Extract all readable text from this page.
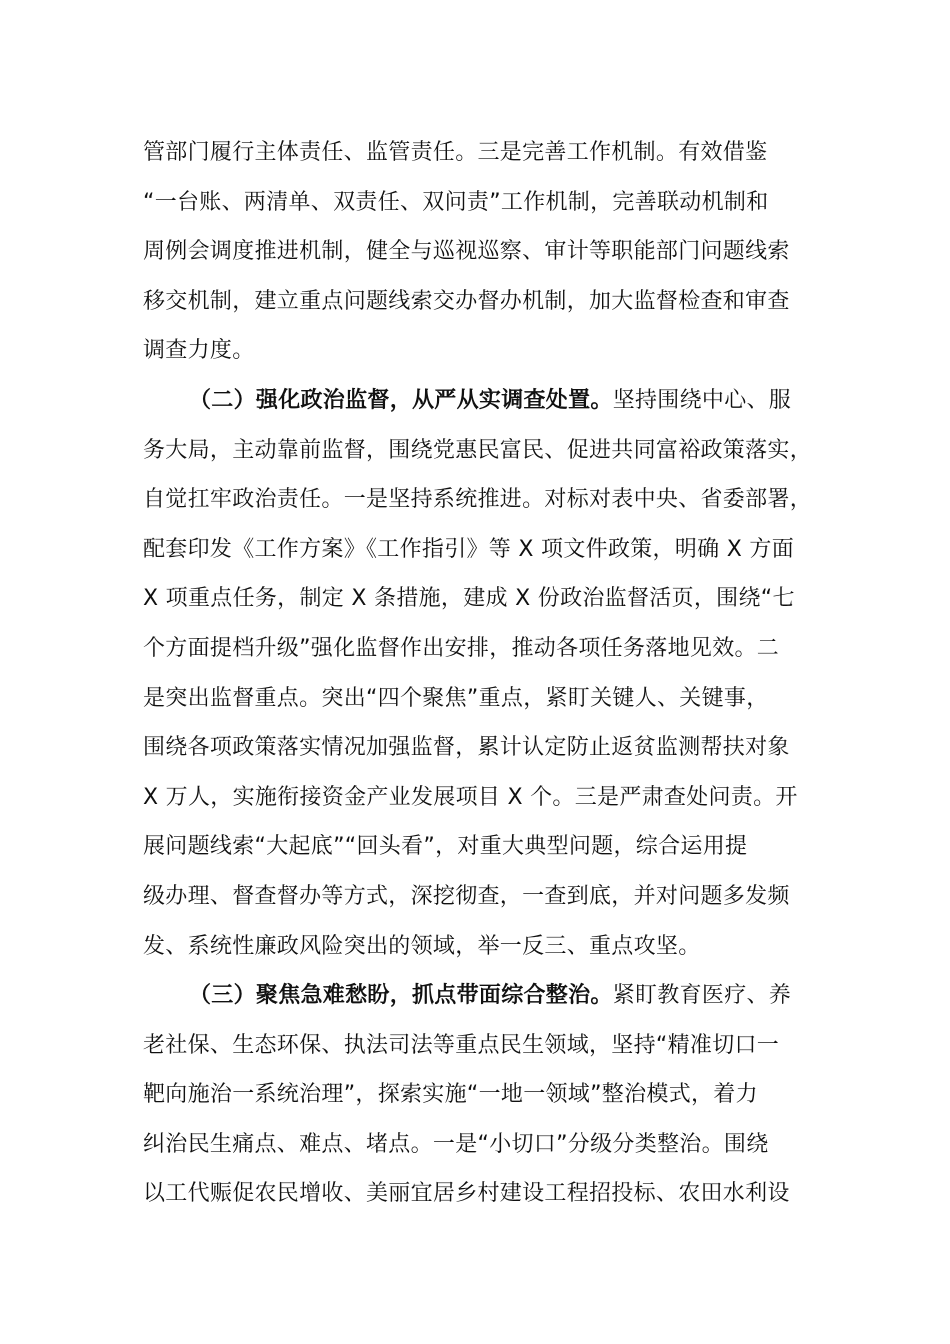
管部门履行主体责任、监管责任。三是完善工作机制。有效借鉴
“一台账、两清单、双责任、双问责”工作机制，完善联动机制和
周例会调度推进机制，健全与巡视巡察、审计等职能部门问题线索
移交机制，建立重点问题线索交办督办机制，加大监督检查和审查
调查力度。
（二）强化政治监督，从严从实调查处置。坚持围绕中心、服
务大局，主动靠前监督，围绕党惠民富民、促进共同富裕政策落实，
自觉扛牢政治责任。一是坚持系统推进。对标对表中央、省委部署，
配套印发《工作方案》《工作指引》等 X 项文件政策，明确 X 方面
X 项重点任务，制定 X 条措施，建成 X 份政治监督活页，围绕“七
个方面提档升级”强化监督作出安排，推动各项任务落地见效。二
是突出监督重点。突出“四个聚焦”重点，紧盯关键人、关键事，
围绕各项政策落实情况加强监督，累计认定防止返贫监测帮扶对象
X 万人，实施衔接资金产业发展项目 X 个。三是严肃查处问责。开
展问题线索“大起底”“回头看”，对重大典型问题，综合运用提
级办理、督查督办等方式，深挖彻查，一查到底，并对问题多发频
发、系统性廉政风险突出的领域，举一反三、重点攻坚。
（三）聚焦急难愁盼，抓点带面综合整治。紧盯教育医疗、养
老社保、生态环保、执法司法等重点民生领域，坚持“精准切口一
靶向施治一系统治理”，探索实施“一地一领域”整治模式，着力
纠治民生痛点、难点、堵点。一是“小切口”分级分类整治。围绕
以工代赈促农民增收、美丽宜居乡村建设工程招投标、农田水利设
